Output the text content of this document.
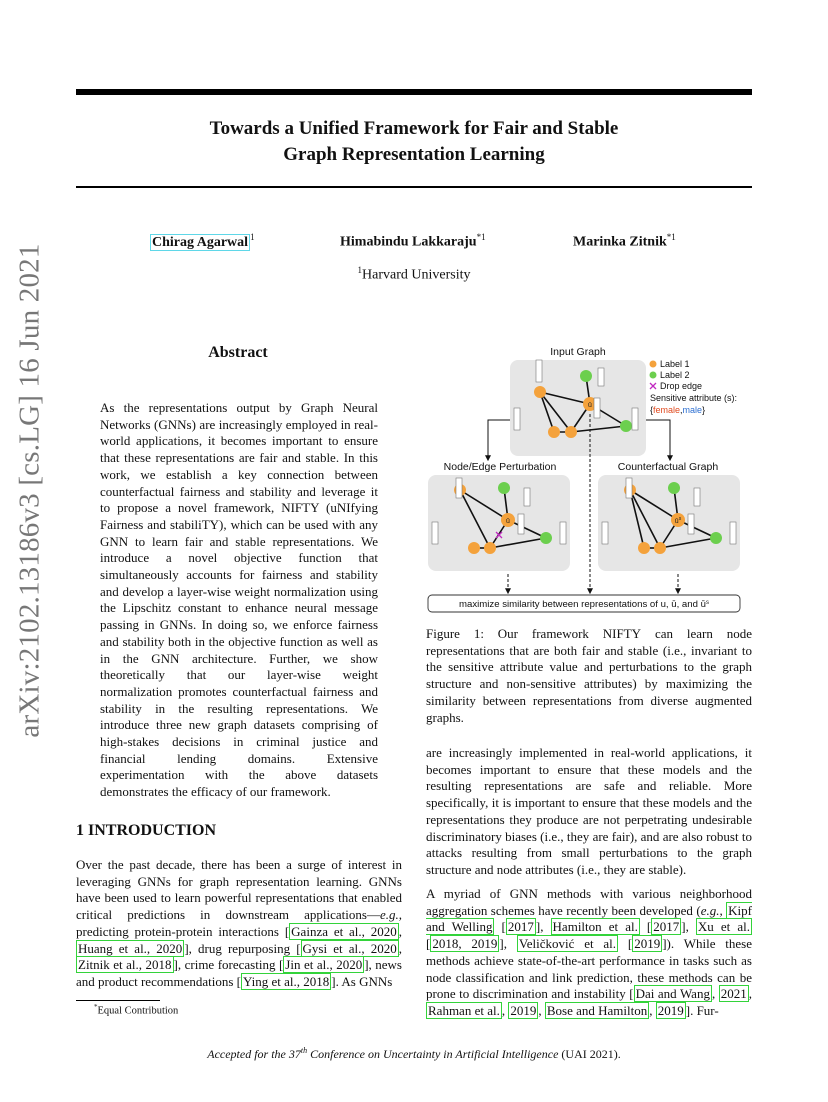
Towards a Unified Framework for Fair and Stable
Graph Representation Learning
Chirag Agarwal $^1$	Himabindu Lakkaraju$^{*1}$	Marinka Zitnik$^{*1}$
$^1$Harvard University
arXiv:2102.13186v3 [cs.LG] 16 Jun 2021	Abstract
As the representations output by Graph Neural Networks (GNNs) are increasingly employed in real-world applications, it becomes important to ensure that these representations are fair and stable. In this work, we establish a key connection between counterfactual fairness and stability and leverage it to propose a novel framework, NIFTY (uNIfying Fairness and stabiliTY), which can be used with any GNN to learn fair and stable representations. We introduce a novel objective function that simultaneously accounts for fairness and stability and develop a layer-wise weight normalization using the Lipschitz constant to enhance neural message passing in GNNs. In doing so, we enforce fairness and stability both in the objective function as well as in the GNN architecture. Further, we show theoretically that our layer-wise weight normalization promotes counterfactual fairness and stability in the resulting representations. We introduce three new graph datasets comprising of high-stakes decisions in criminal justice and financial lending domains. Extensive experimentation with the above datasets demonstrates the efficacy of our framework.
1 INTRODUCTION
Over the past decade, there has been a surge of interest in leveraging GNNs for graph representation learning. GNNs have been used to learn powerful representations that enabled critical predictions in downstream applications—e.g., predicting protein-protein interactions [ Gainza et al., 2020 , Huang et al., 2020 ], drug repurposing [ Gysi et al., 2020 , Zitnik et al., 2018 ], crime forecasting [ Jin et al., 2020 ], news and product recommendations [ Ying et al., 2018 ]. As GNNs
*Equal Contribution
Input Graph
ū
Label 1
Label 2
Drop edge
Sensitive attribute (s):
{female,male}
Node/Edge Perturbation	Counterfactual Graph
ū	$ū^s$
maximize similarity between representations of u, ū, and $ū^s$
Figure 1: Our framework NIFTY can learn node representations that are both fair and stable (i.e., invariant to the sensitive attribute value and perturbations to the graph structure and non-sensitive attributes) by maximizing the similarity between representations from diverse augmented graphs.
are increasingly implemented in real-world applications, it becomes important to ensure that these models and the resulting representations are safe and reliable. More specifically, it is important to ensure that these models and the representations they produce are not perpetrating undesirable discriminatory biases (i.e., they are fair), and are also robust to attacks resulting from small perturbations to the graph structure and node attributes (i.e., they are stable).
A myriad of GNN methods with various neighborhood aggregation schemes have recently been developed (e.g., Kipf and Welling [ 2017 ], Hamilton et al. [ 2017 ], Xu et al. [ 2018, 2019 ], Veličković et al. [ 2019 ]). While these methods achieve state-of-the-art performance in tasks such as node classification and link prediction, these methods can be prone to discrimination and instability [ Dai and Wang , 2021 , Rahman et al. , 2019 , Bose and Hamilton , 2019 ]. Fur-
Accepted for the 37th Conference on Uncertainty in Artificial Intelligence (UAI 2021).
